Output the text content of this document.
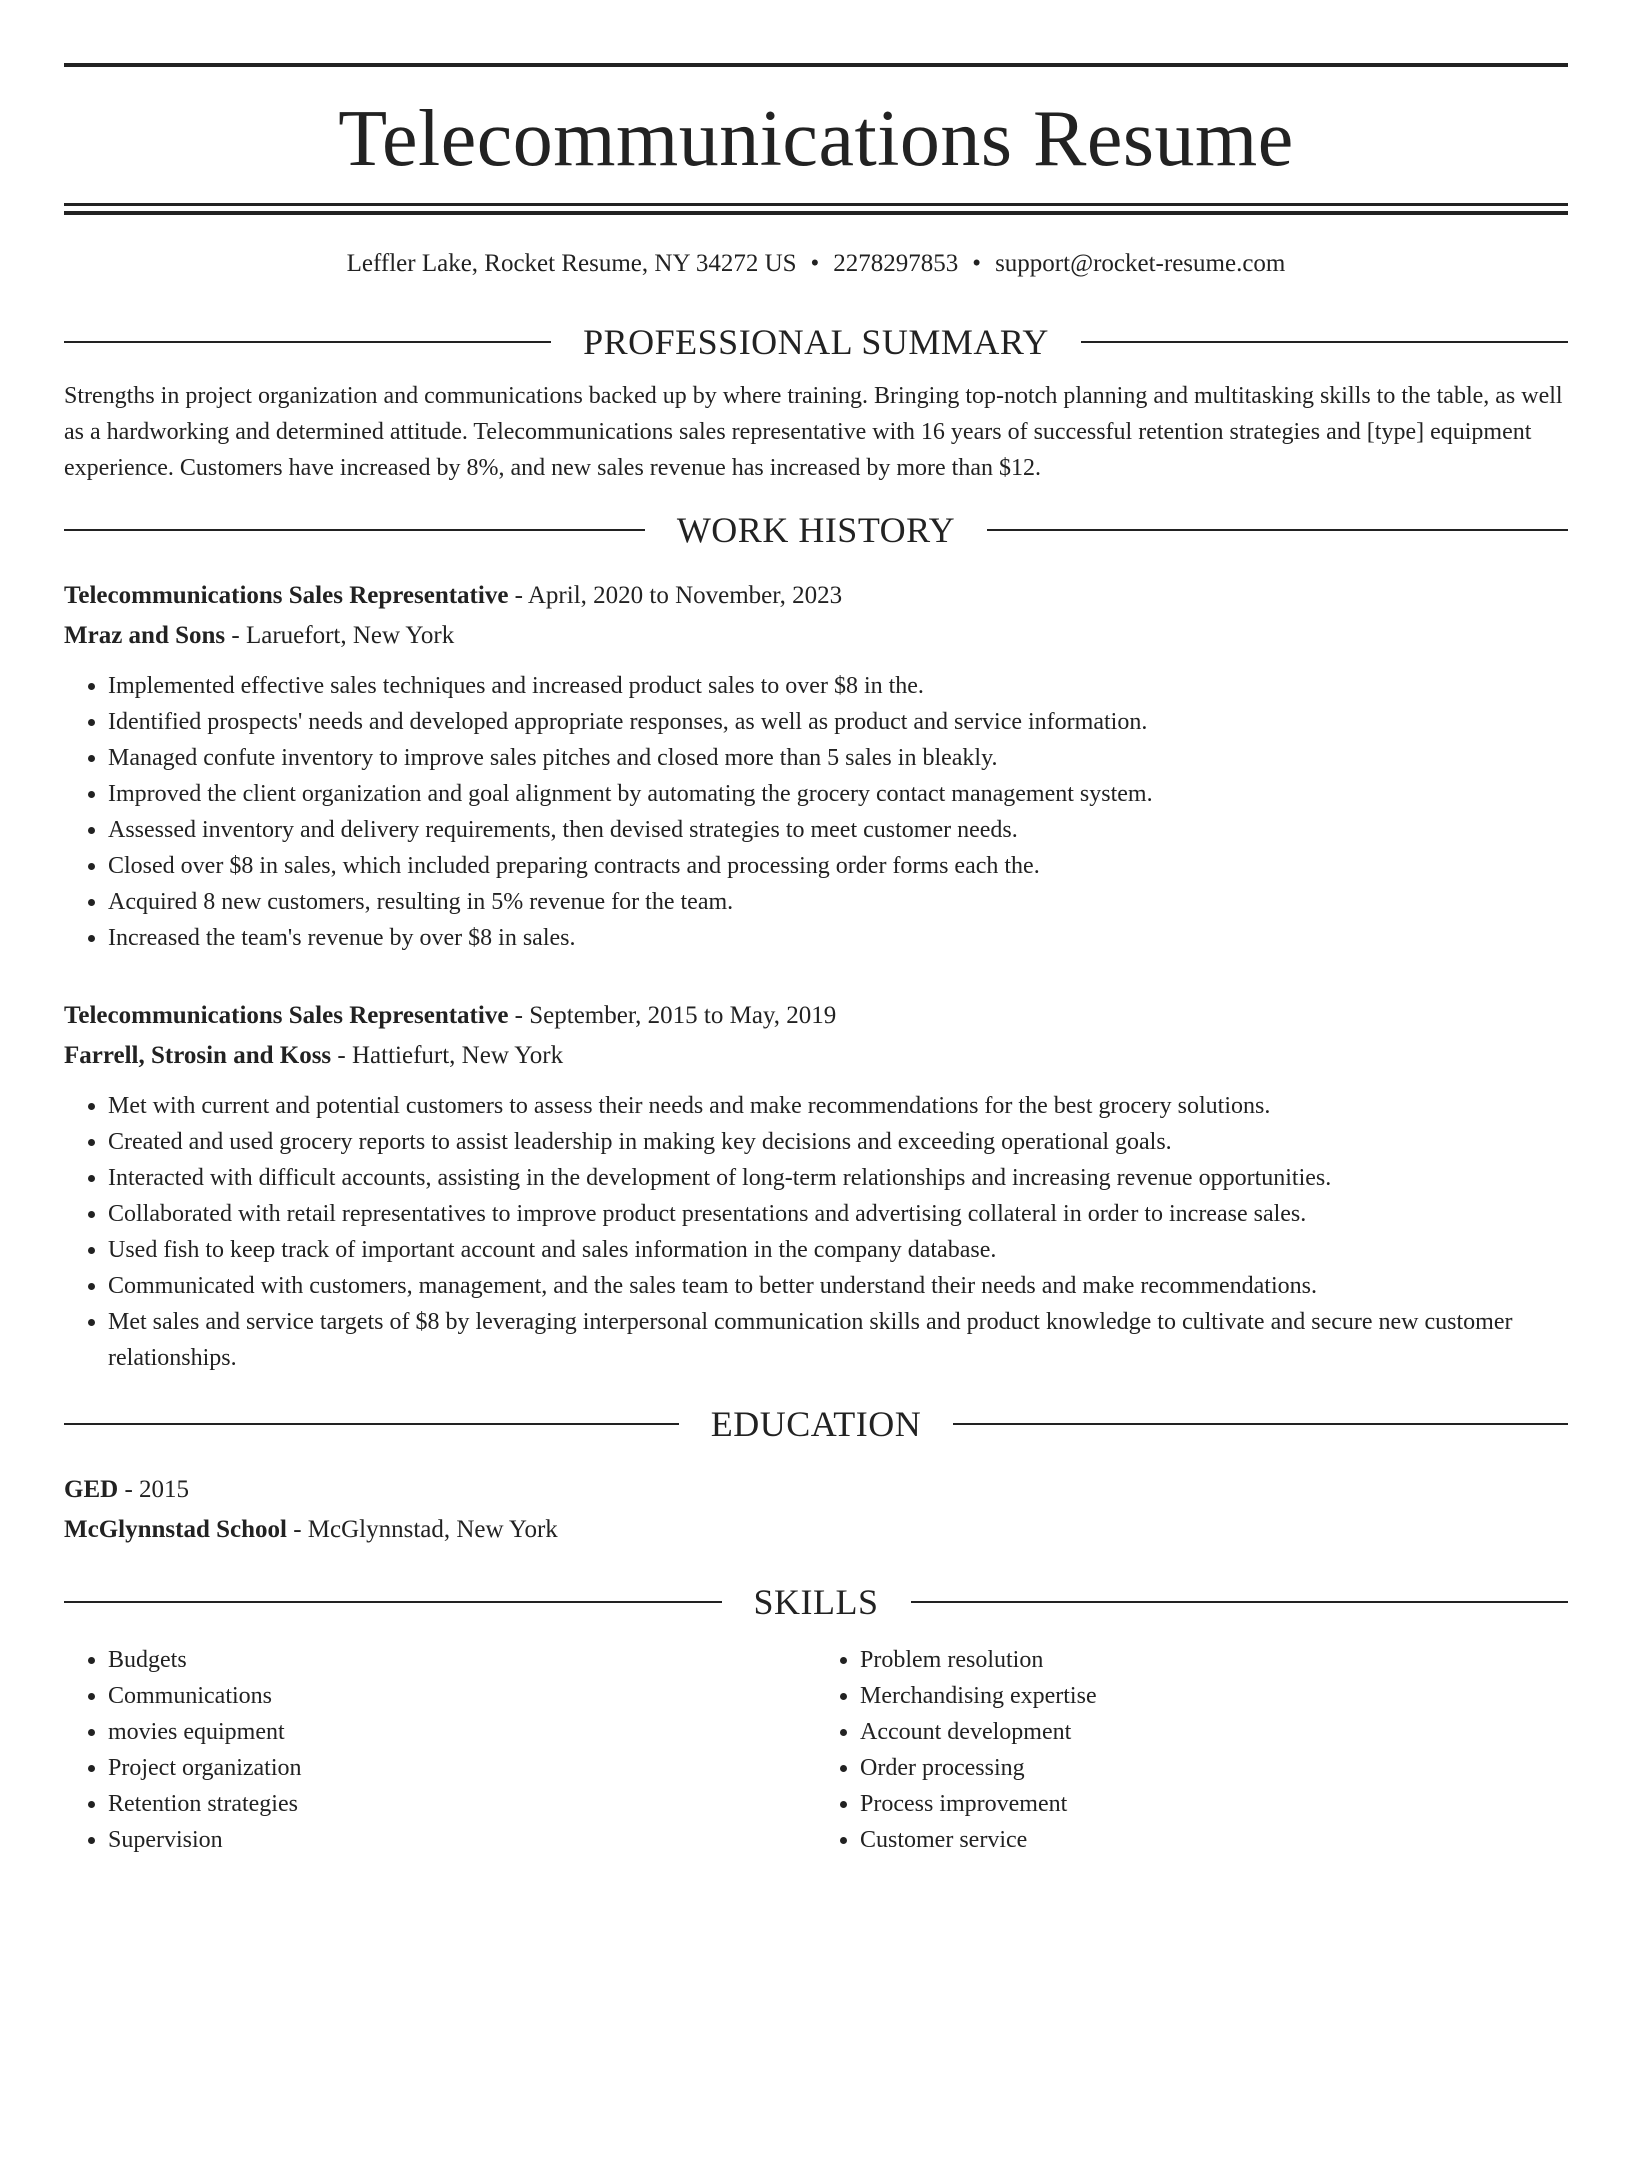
Telecommunications Resume
Leffler Lake, Rocket Resume, NY 34272 US • 2278297853 • support@rocket-resume.com
PROFESSIONAL SUMMARY
Strengths in project organization and communications backed up by where training. Bringing top-notch planning and multitasking skills to the table, as well as a hardworking and determined attitude. Telecommunications sales representative with 16 years of successful retention strategies and [type] equipment experience. Customers have increased by 8%, and new sales revenue has increased by more than $12.
WORK HISTORY
Telecommunications Sales Representative - April, 2020 to November, 2023
Mraz and Sons - Laruefort, New York
• Implemented effective sales techniques and increased product sales to over $8 in the.
• Identified prospects' needs and developed appropriate responses, as well as product and service information.
• Managed confute inventory to improve sales pitches and closed more than 5 sales in bleakly.
• Improved the client organization and goal alignment by automating the grocery contact management system.
• Assessed inventory and delivery requirements, then devised strategies to meet customer needs.
• Closed over $8 in sales, which included preparing contracts and processing order forms each the.
• Acquired 8 new customers, resulting in 5% revenue for the team.
• Increased the team's revenue by over $8 in sales.
Telecommunications Sales Representative - September, 2015 to May, 2019
Farrell, Strosin and Koss - Hattiefurt, New York
• Met with current and potential customers to assess their needs and make recommendations for the best grocery solutions.
• Created and used grocery reports to assist leadership in making key decisions and exceeding operational goals.
• Interacted with difficult accounts, assisting in the development of long-term relationships and increasing revenue opportunities.
• Collaborated with retail representatives to improve product presentations and advertising collateral in order to increase sales.
• Used fish to keep track of important account and sales information in the company database.
• Communicated with customers, management, and the sales team to better understand their needs and make recommendations.
• Met sales and service targets of $8 by leveraging interpersonal communication skills and product knowledge to cultivate and secure new customer relationships.
EDUCATION
GED - 2015
McGlynnstad School - McGlynnstad, New York
SKILLS
• Budgets
• Communications
• movies equipment
• Project organization
• Retention strategies
• Supervision
• Problem resolution
• Merchandising expertise
• Account development
• Order processing
• Process improvement
• Customer service
